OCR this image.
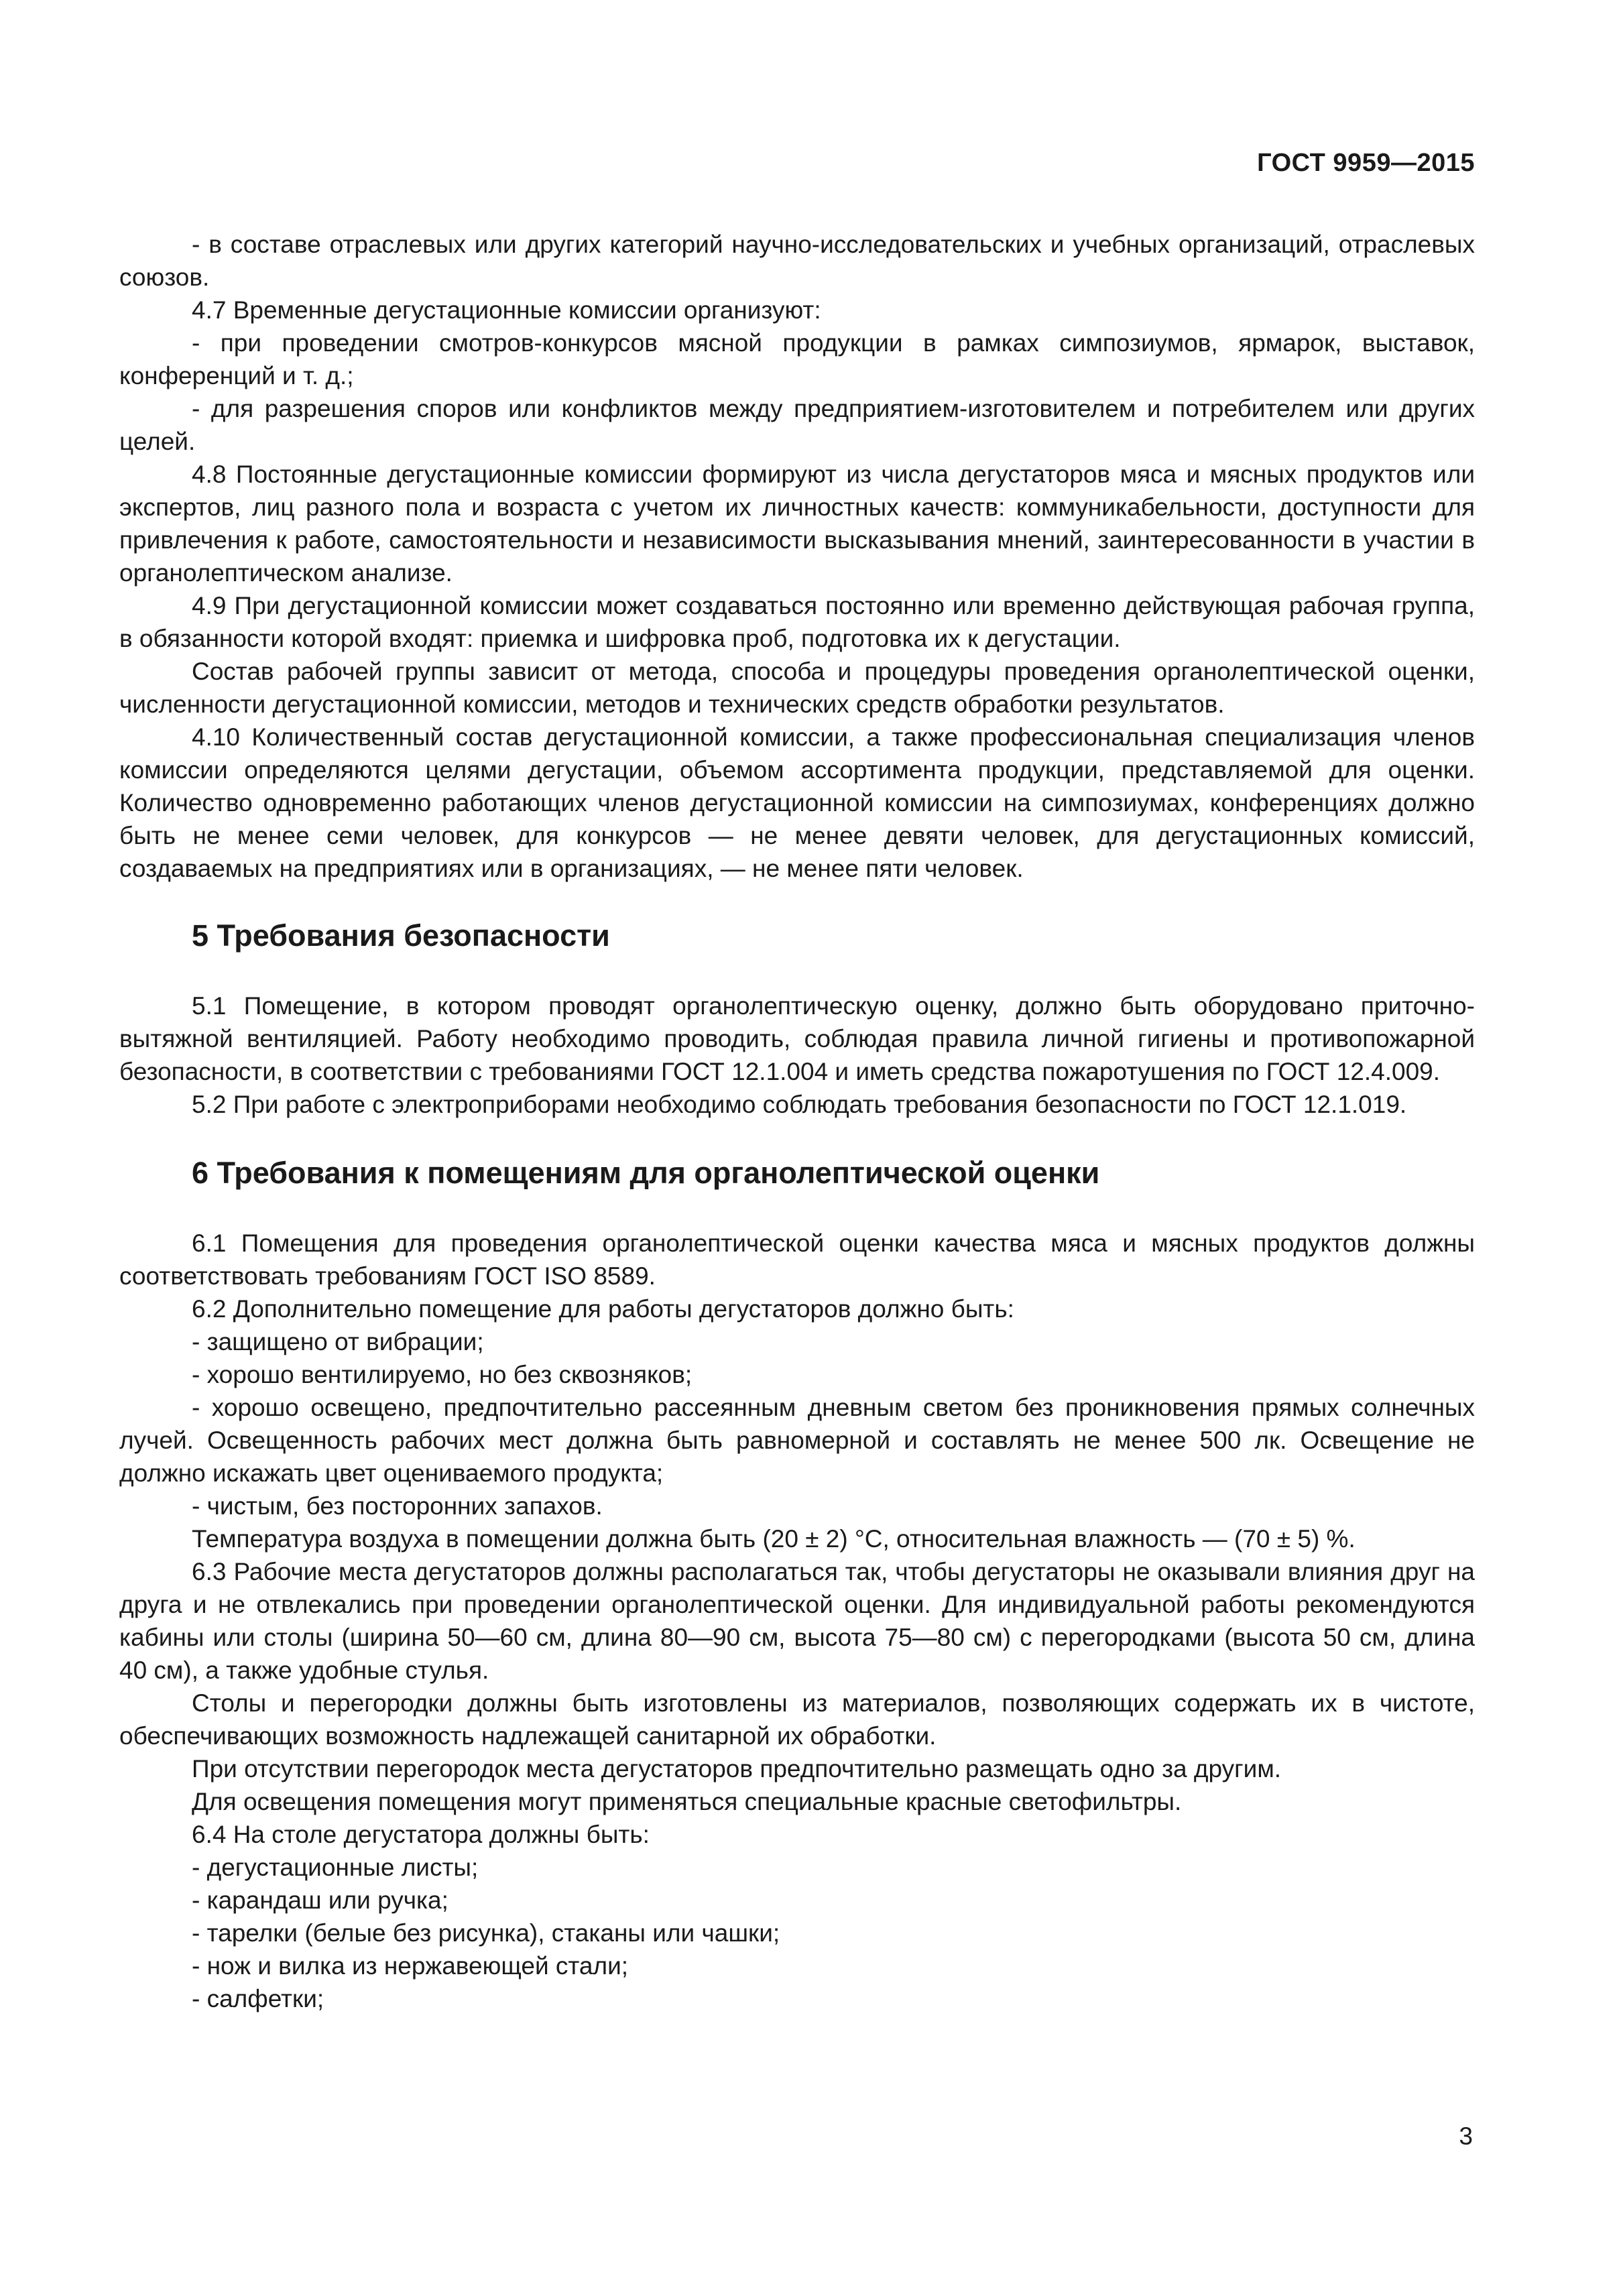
ГОСТ 9959—2015

- в составе отраслевых или других категорий научно-исследовательских и учебных организаций, отраслевых союзов.

4.7 Временные дегустационные комиссии организуют:

- при проведении смотров-конкурсов мясной продукции в рамках симпозиумов, ярмарок, выставок, конференций и т. д.;

- для разрешения споров или конфликтов между предприятием-изготовителем и потребителем или других целей.

4.8 Постоянные дегустационные комиссии формируют из числа дегустаторов мяса и мясных продуктов или экспертов, лиц разного пола и возраста с учетом их личностных качеств: коммуникабельности, доступности для привлечения к работе, самостоятельности и независимости высказывания мнений, заинтересованности в участии в органолептическом анализе.

4.9 При дегустационной комиссии может создаваться постоянно или временно действующая рабочая группа, в обязанности которой входят: приемка и шифровка проб, подготовка их к дегустации.

Состав рабочей группы зависит от метода, способа и процедуры проведения органолептической оценки, численности дегустационной комиссии, методов и технических средств обработки результатов.

4.10 Количественный состав дегустационной комиссии, а также профессиональная специализация членов комиссии определяются целями дегустации, объемом ассортимента продукции, представляемой для оценки. Количество одновременно работающих членов дегустационной комиссии на симпозиумах, конференциях должно быть не менее семи человек, для конкурсов — не менее девяти человек, для дегустационных комиссий, создаваемых на предприятиях или в организациях, — не менее пяти человек.

5 Требования безопасности

5.1 Помещение, в котором проводят органолептическую оценку, должно быть оборудовано приточно-вытяжной вентиляцией. Работу необходимо проводить, соблюдая правила личной гигиены и противопожарной безопасности, в соответствии с требованиями ГОСТ 12.1.004 и иметь средства пожаротушения по ГОСТ 12.4.009.

5.2 При работе с электроприборами необходимо соблюдать требования безопасности по ГОСТ 12.1.019.

6 Требования к помещениям для органолептической оценки

6.1 Помещения для проведения органолептической оценки качества мяса и мясных продуктов должны соответствовать требованиям ГОСТ ISO 8589.

6.2 Дополнительно помещение для работы дегустаторов должно быть:

- защищено от вибрации;

- хорошо вентилируемо, но без сквозняков;

- хорошо освещено, предпочтительно рассеянным дневным светом без проникновения прямых солнечных лучей. Освещенность рабочих мест должна быть равномерной и составлять не менее 500 лк. Освещение не должно искажать цвет оцениваемого продукта;

- чистым, без посторонних запахов.

Температура воздуха в помещении должна быть (20 ± 2) °С, относительная влажность — (70 ± 5) %.

6.3 Рабочие места дегустаторов должны располагаться так, чтобы дегустаторы не оказывали влияния друг на друга и не отвлекались при проведении органолептической оценки. Для индивидуальной работы рекомендуются кабины или столы (ширина 50—60 см, длина 80—90 см, высота 75—80 см) с перегородками (высота 50 см, длина 40 см), а также удобные стулья.

Столы и перегородки должны быть изготовлены из материалов, позволяющих содержать их в чистоте, обеспечивающих возможность надлежащей санитарной их обработки.

При отсутствии перегородок места дегустаторов предпочтительно размещать одно за другим.

Для освещения помещения могут применяться специальные красные светофильтры.

6.4 На столе дегустатора должны быть:

- дегустационные листы;

- карандаш или ручка;

- тарелки (белые без рисунка), стаканы или чашки;

- нож и вилка из нержавеющей стали;

- салфетки;

3
